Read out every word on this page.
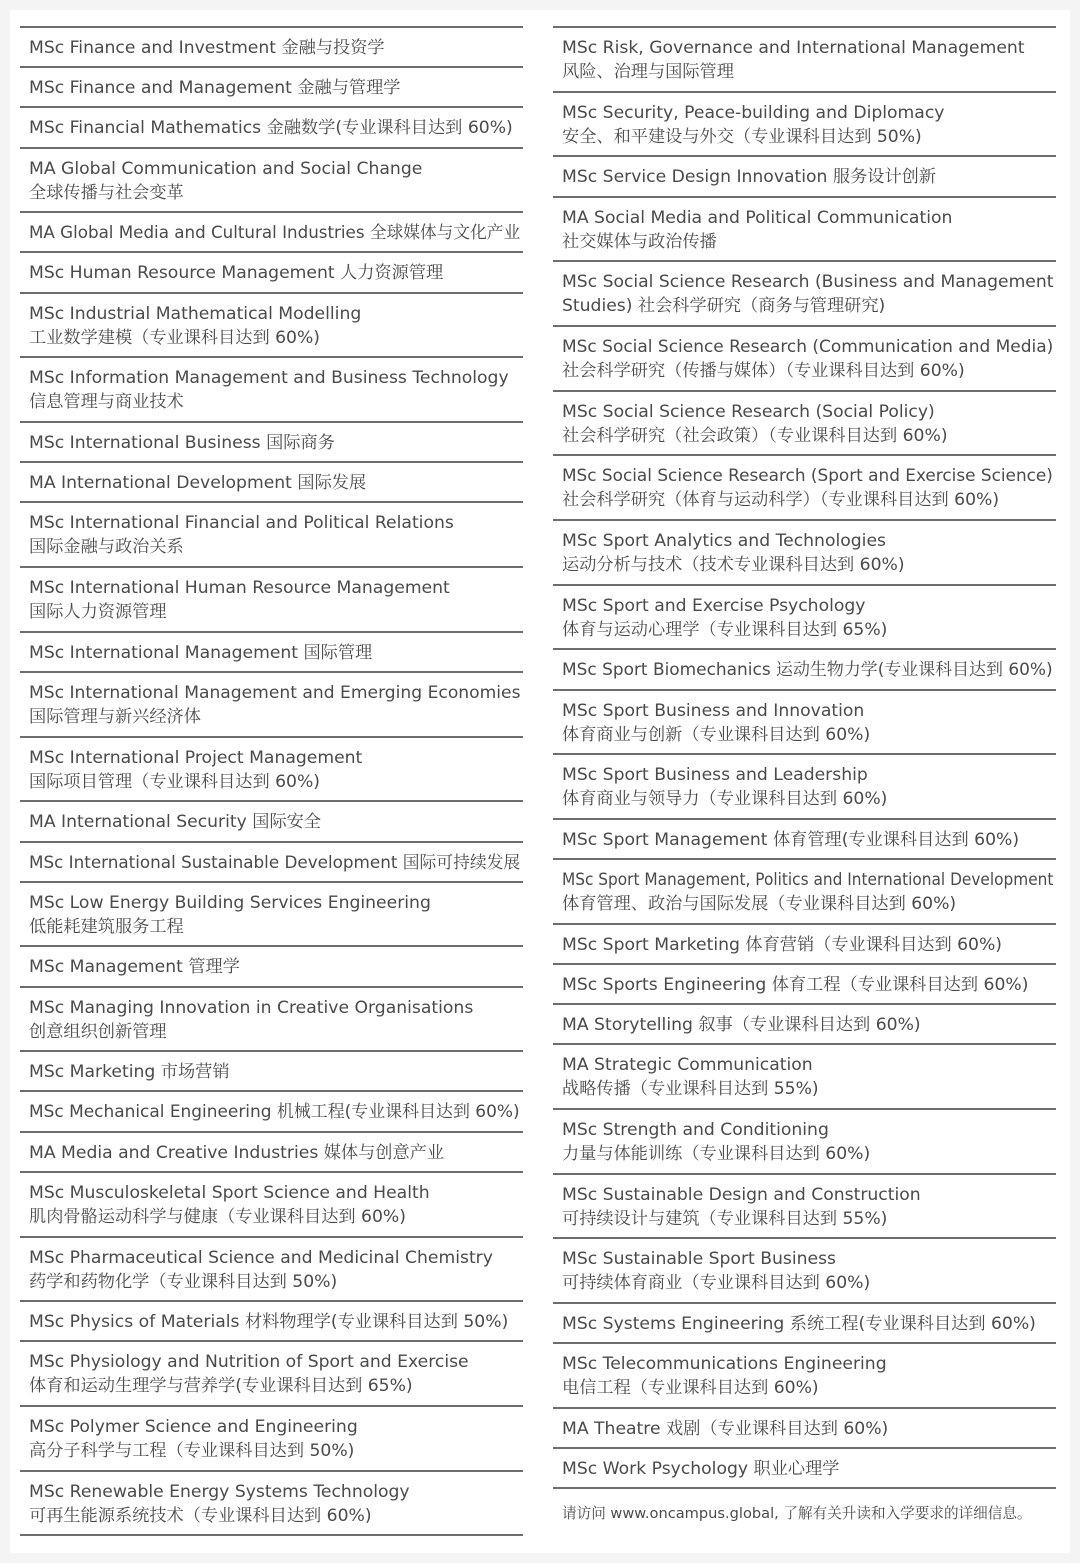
MSc Finance and Investment 金融与投资学
MSc Finance and Management 金融与管理学
MSc Financial Mathematics 金融数学(专业课科目达到 60%)
MA Global Communication and Social Change
全球传播与社会变革
MA Global Media and Cultural Industries 全球媒体与文化产业
MSc Human Resource Management 人力资源管理
MSc Industrial Mathematical Modelling
工业数学建模（专业课科目达到 60%)
MSc Information Management and Business Technology
信息管理与商业技术
MSc International Business 国际商务
MA International Development 国际发展
MSc International Financial and Political Relations
国际金融与政治关系
MSc International Human Resource Management
国际人力资源管理
MSc International Management 国际管理
MSc International Management and Emerging Economies
国际管理与新兴经济体
MSc International Project Management
国际项目管理（专业课科目达到 60%)
MA International Security 国际安全
MSc International Sustainable Development 国际可持续发展
MSc Low Energy Building Services Engineering
低能耗建筑服务工程
MSc Management 管理学
MSc Managing Innovation in Creative Organisations
创意组织创新管理
MSc Marketing 市场营销
MSc Mechanical Engineering 机械工程(专业课科目达到 60%)
MA Media and Creative Industries 媒体与创意产业
MSc Musculoskeletal Sport Science and Health
肌肉骨骼运动科学与健康（专业课科目达到 60%)
MSc Pharmaceutical Science and Medicinal Chemistry
药学和药物化学（专业课科目达到 50%)
MSc Physics of Materials 材料物理学(专业课科目达到 50%)
MSc Physiology and Nutrition of Sport and Exercise
体育和运动生理学与营养学(专业课科目达到 65%)
MSc Polymer Science and Engineering
高分子科学与工程（专业课科目达到 50%)
MSc Renewable Energy Systems Technology
可再生能源系统技术（专业课科目达到 60%)
MSc Risk, Governance and International Management
风险、治理与国际管理
MSc Security, Peace-building and Diplomacy
安全、和平建设与外交（专业课科目达到 50%)
MSc Service Design Innovation 服务设计创新
MA Social Media and Political Communication
社交媒体与政治传播
MSc Social Science Research (Business and Management
Studies) 社会科学研究（商务与管理研究)
MSc Social Science Research (Communication and Media)
社会科学研究（传播与媒体）（专业课科目达到 60%)
MSc Social Science Research (Social Policy)
社会科学研究（社会政策）（专业课科目达到 60%)
MSc Social Science Research (Sport and Exercise Science)
社会科学研究（体育与运动科学）（专业课科目达到 60%)
MSc Sport Analytics and Technologies
运动分析与技术（技术专业课科目达到 60%)
MSc Sport and Exercise Psychology
体育与运动心理学（专业课科目达到 65%)
MSc Sport Biomechanics 运动生物力学(专业课科目达到 60%)
MSc Sport Business and Innovation
体育商业与创新（专业课科目达到 60%)
MSc Sport Business and Leadership
体育商业与领导力（专业课科目达到 60%)
MSc Sport Management 体育管理(专业课科目达到 60%)
MSc Sport Management, Politics and International Development
体育管理、政治与国际发展（专业课科目达到 60%)
MSc Sport Marketing 体育营销（专业课科目达到 60%)
MSc Sports Engineering 体育工程（专业课科目达到 60%)
MA Storytelling 叙事（专业课科目达到 60%)
MA Strategic Communication
战略传播（专业课科目达到 55%)
MSc Strength and Conditioning
力量与体能训练（专业课科目达到 60%)
MSc Sustainable Design and Construction
可持续设计与建筑（专业课科目达到 55%)
MSc Sustainable Sport Business
可持续体育商业（专业课科目达到 60%)
MSc Systems Engineering 系统工程(专业课科目达到 60%)
MSc Telecommunications Engineering
电信工程（专业课科目达到 60%)
MA Theatre 戏剧（专业课科目达到 60%)
MSc Work Psychology 职业心理学
请访问 www.oncampus.global, 了解有关升读和入学要求的详细信息。
